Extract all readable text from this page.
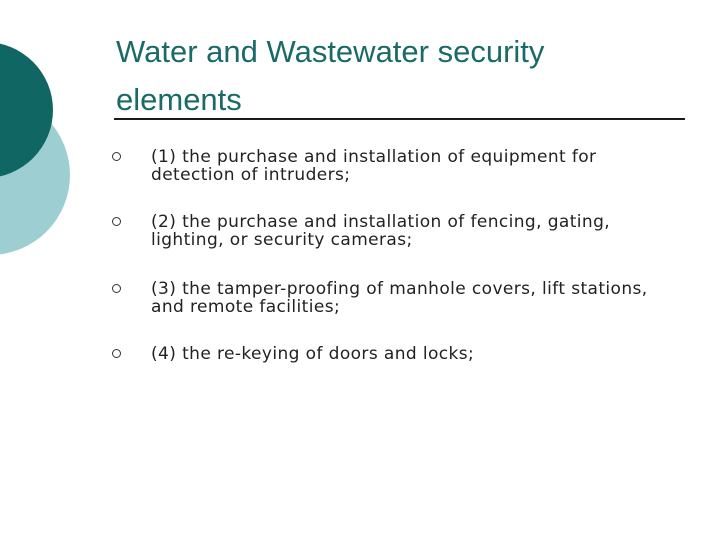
Water and Wastewater security elements
(1) the purchase and installation of equipment for detection of intruders;
(2) the purchase and installation of fencing, gating, lighting, or security cameras;
(3) the tamper-proofing of manhole covers, lift stations, and remote facilities;
(4) the re-keying of doors and locks;
